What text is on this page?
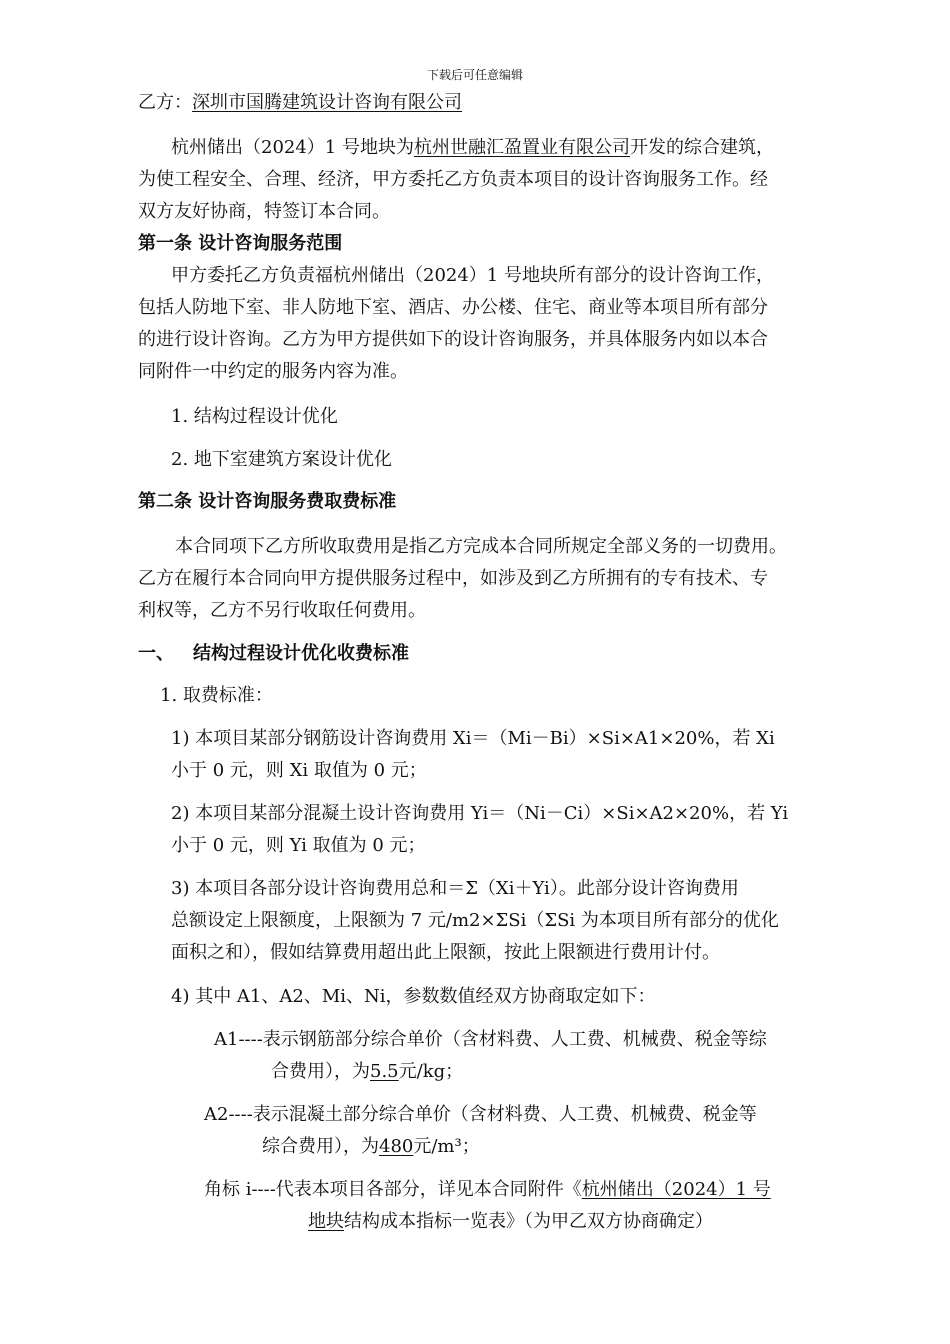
下载后可任意编辑
乙方：深圳市国腾建筑设计咨询有限公司
杭州储出（2024）1 号地块为杭州世融汇盈置业有限公司开发的综合建筑，
为使工程安全、合理、经济，甲方委托乙方负责本项目的设计咨询服务工作。经
双方友好协商，特签订本合同。
第一条 设计咨询服务范围
甲方委托乙方负责福杭州储出（2024）1 号地块所有部分的设计咨询工作，
包括人防地下室、非人防地下室、酒店、办公楼、住宅、商业等本项目所有部分
的进行设计咨询。乙方为甲方提供如下的设计咨询服务，并具体服务内如以本合
同附件一中约定的服务内容为准。
1. 结构过程设计优化
2. 地下室建筑方案设计优化
第二条 设计咨询服务费取费标准
本合同项下乙方所收取费用是指乙方完成本合同所规定全部义务的一切费用。
乙方在履行本合同向甲方提供服务过程中，如涉及到乙方所拥有的专有技术、专
利权等，乙方不另行收取任何费用。
一、 结构过程设计优化收费标准
1. 取费标准：
1) 本项目某部分钢筋设计咨询费用 Xi＝（Mi－Bi）×Si×A1×20%，若 Xi
小于 0 元，则 Xi 取值为 0 元；
2) 本项目某部分混凝土设计咨询费用 Yi＝（Ni－Ci）×Si×A2×20%，若 Yi
小于 0 元，则 Yi 取值为 0 元；
3) 本项目各部分设计咨询费用总和＝Σ（Xi＋Yi）。此部分设计咨询费用
总额设定上限额度，上限额为 7 元/m2×ΣSi（ΣSi 为本项目所有部分的优化
面积之和），假如结算费用超出此上限额，按此上限额进行费用计付。
4) 其中 A1、A2、Mi、Ni，参数数值经双方协商取定如下：
A1----表示钢筋部分综合单价（含材料费、人工费、机械费、税金等综
合费用），为5.5元/kg；
A2----表示混凝土部分综合单价（含材料费、人工费、机械费、税金等
综合费用），为480元/m³；
角标 i----代表本项目各部分，详见本合同附件《杭州储出（2024）1 号
地块结构成本指标一览表》（为甲乙双方协商确定）
